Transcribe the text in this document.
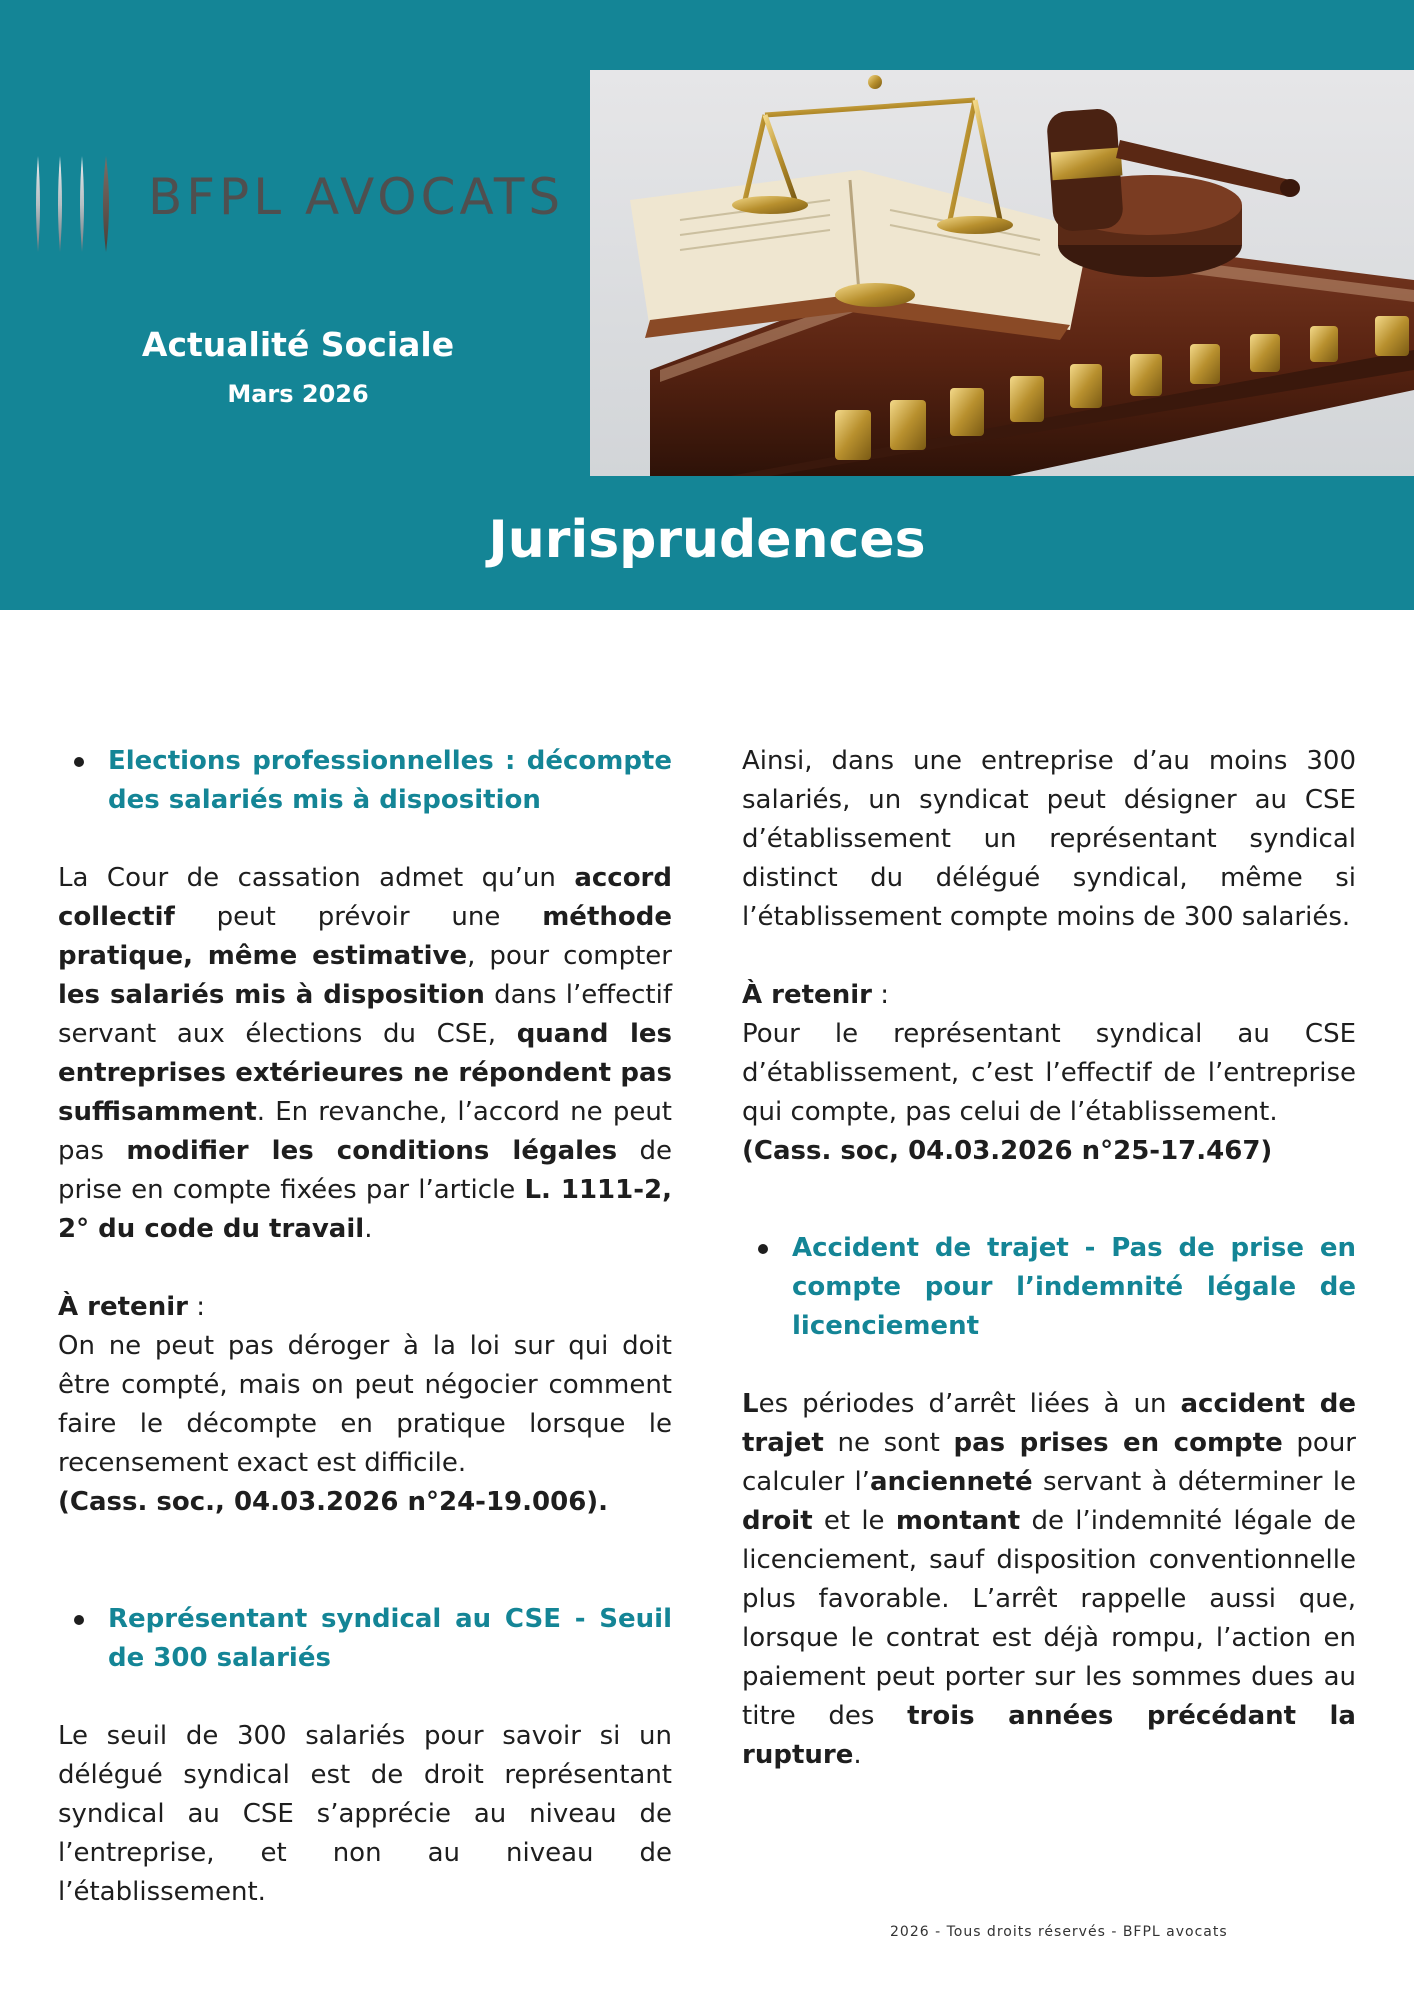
BFPL AVOCATS
Actualité Sociale
Mars 2026
Jurisprudences
Elections professionnelles : décompte des salariés mis à disposition

La Cour de cassation admet qu’un accord collectif peut prévoir une méthode pratique, même estimative, pour compter les salariés mis à disposition dans l’effectif servant aux élections du CSE, quand les entreprises extérieures ne répondent pas suffisamment. En revanche, l’accord ne peut pas modifier les conditions légales de prise en compte fixées par l’article L. 1111-2, 2° du code du travail.

À retenir :

On ne peut pas déroger à la loi sur qui doit être compté, mais on peut négocier comment faire le décompte en pratique lorsque le recensement exact est difficile.

(Cass. soc., 04.03.2026 n°24-19.006).

Représentant syndical au CSE - Seuil de 300 salariés

Le seuil de 300 salariés pour savoir si un délégué syndical est de droit représentant syndical au CSE s’apprécie au niveau de l’entreprise, et non au niveau de l’établissement.

Ainsi, dans une entreprise d’au moins 300 salariés, un syndicat peut désigner au CSE d’établissement un représentant syndical distinct du délégué syndical, même si l’établissement compte moins de 300 salariés.

À retenir :

Pour le représentant syndical au CSE d’établissement, c’est l’effectif de l’entreprise qui compte, pas celui de l’établissement.

(Cass. soc, 04.03.2026 n°25-17.467)

Accident de trajet - Pas de prise en compte pour l’indemnité légale de licenciement

Les périodes d’arrêt liées à un accident de trajet ne sont pas prises en compte pour calculer l’ancienneté servant à déterminer le droit et le montant de l’indemnité légale de licenciement, sauf disposition conventionnelle plus favorable. L’arrêt rappelle aussi que, lorsque le contrat est déjà rompu, l’action en paiement peut porter sur les sommes dues au titre des trois années précédant la rupture.

2026 - Tous droits réservés - BFPL avocats
